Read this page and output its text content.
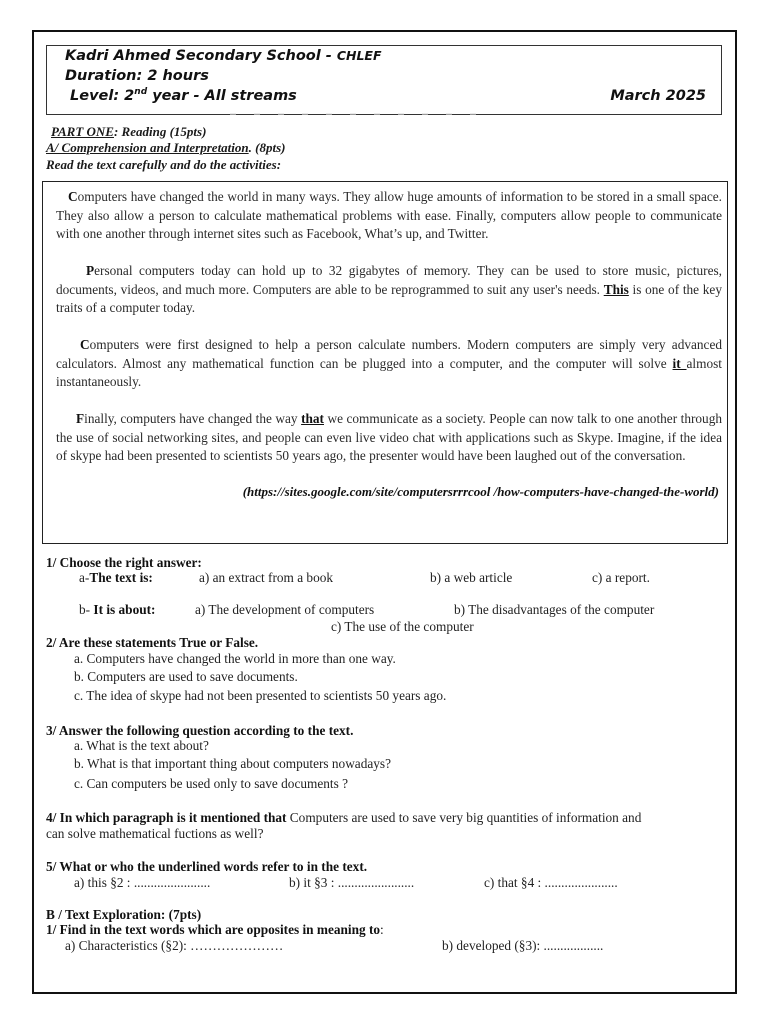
Kadri Ahmed Secondary School - CHLEF
Duration: 2 hours
Level: 2nd year - All streams	March 2025
PART ONE: Reading (15pts)
A/ Comprehension and Interpretation. (8pts)
Read the text carefully and do the activities:
Computers have changed the world in many ways. They allow huge amounts of information to be stored in a small space. They also allow a person to calculate mathematical problems with ease. Finally, computers allow people to communicate with one another through internet sites such as Facebook, What’s up, and Twitter.
Personal computers today can hold up to 32 gigabytes of memory. They can be used to store music, pictures, documents, videos, and much more. Computers are able to be reprogrammed to suit any user's needs. This is one of the key traits of a computer today.
Computers were first designed to help a person calculate numbers. Modern computers are simply very advanced calculators. Almost any mathematical function can be plugged into a computer, and the computer will solve it almost instantaneously.
Finally, computers have changed the way that we communicate as a society. People can now talk to one another through the use of social networking sites, and people can even live video chat with applications such as Skype. Imagine, if the idea of skype had been presented to scientists 50 years ago, the presenter would have been laughed out of the conversation.
(https://sites.google.com/site/computersrrrcool /how-computers-have-changed-the-world)
1/ Choose the right answer:
a-The text is:	a) an extract from a book	b) a web article	c) a report.
b- It is about:	a) The development of computers	b) The disadvantages of the computer
c) The use of the computer
2/ Are these statements True or False.
a. Computers have changed the world in more than one way.
b. Computers are used to save documents.
c. The idea of skype had not been presented to scientists 50 years ago.
3/ Answer the following question according to the text.
a. What is the text about?
b. What is that important thing about computers nowadays?
c. Can computers be used only to save documents ?
4/ In which paragraph is it mentioned that Computers are used to save very big quantities of information and
can solve mathematical fuctions as well?
5/ What or who the underlined words refer to in the text.
a) this §2 : .......................	b) it §3 : .......................	c) that §4 : ......................
B / Text Exploration: (7pts)
1/ Find in the text words which are opposites in meaning to:
a) Characteristics (§2): …………………	b) developed (§3): ..................
